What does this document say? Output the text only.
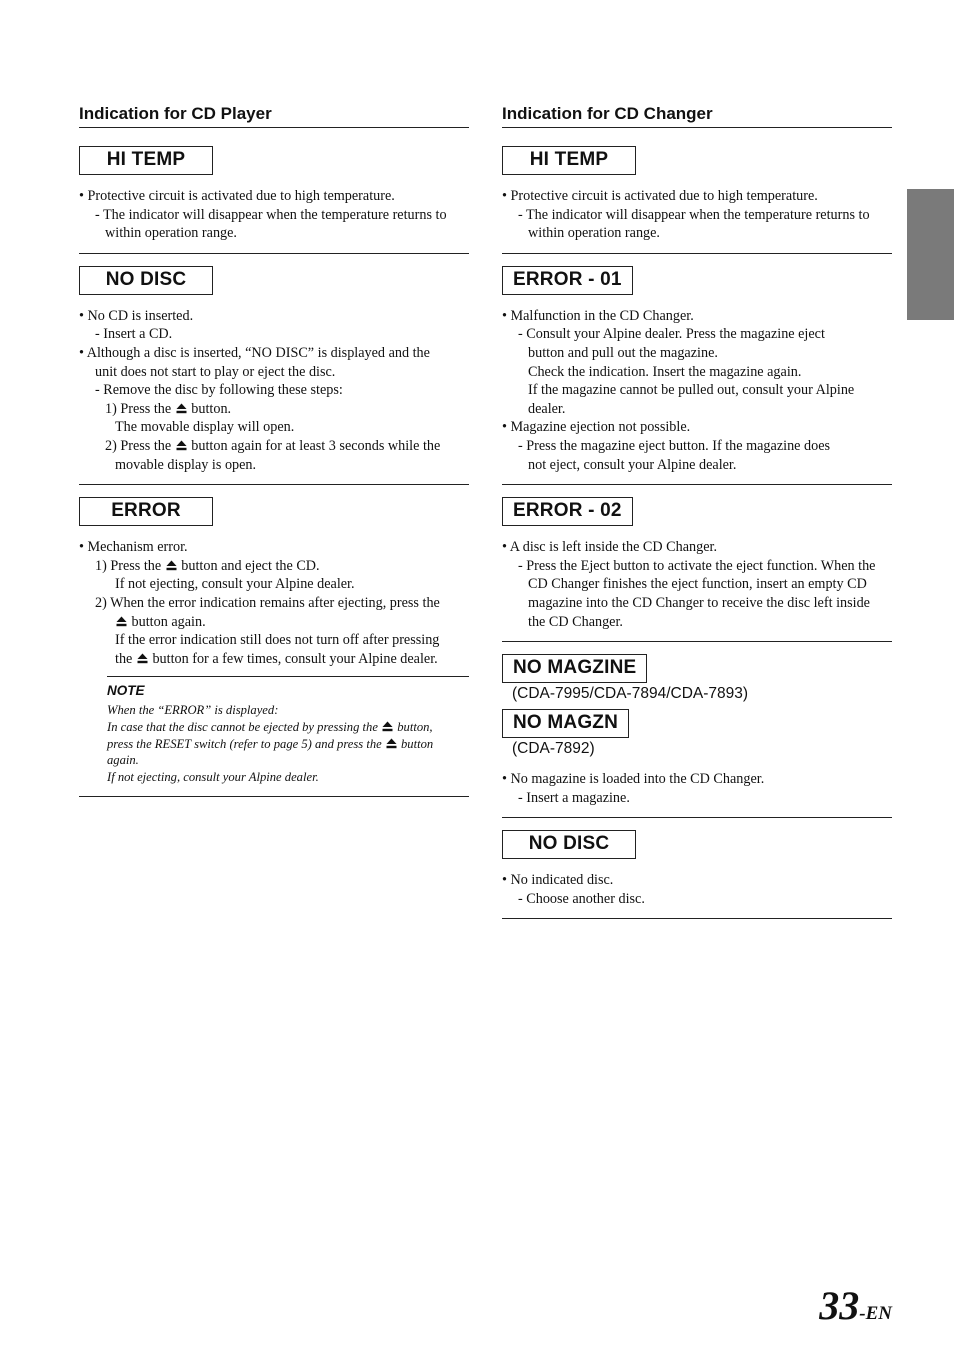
Indication for CD Player
HI TEMP
• Protective circuit is activated due to high temperature.
- The indicator will disappear when the temperature returns to
within operation range.
NO DISC
• No CD is inserted.
- Insert a CD.
• Although a disc is inserted, “NO DISC” is displayed and the
unit does not start to play or eject the disc.
- Remove the disc by following these steps:
1) Press the  button.
The movable display will open.
2) Press the  button again for at least 3 seconds while the
movable display is open.
ERROR
• Mechanism error.
1) Press the  button and eject the CD.
If not ejecting, consult your Alpine dealer.
2) When the error indication remains after ejecting, press the
button again.
If the error indication still does not turn off after pressing
the  button for a few times, consult your Alpine dealer.
NOTE
When the “ERROR” is displayed:
In case that the disc cannot be ejected by pressing the  button,
press the RESET switch (refer to page 5) and press the  button
again.
If not ejecting, consult your Alpine dealer.
Indication for CD Changer
HI TEMP
• Protective circuit is activated due to high temperature.
- The indicator will disappear when the temperature returns to
within operation range.
ERROR - 01
• Malfunction in the CD Changer.
- Consult your Alpine dealer. Press the magazine eject
button and pull out the magazine.
Check the indication. Insert the magazine again.
If the magazine cannot be pulled out, consult your Alpine
dealer.
• Magazine ejection not possible.
- Press the magazine eject button. If the magazine does
not eject, consult your Alpine dealer.
ERROR - 02
• A disc is left inside the CD Changer.
- Press the Eject button to activate the eject function. When the
CD Changer finishes the eject function, insert an empty CD
magazine into the CD Changer to receive the disc left inside
the CD Changer.
NO MAGZINE
(CDA-7995/CDA-7894/CDA-7893)
NO MAGZN
(CDA-7892)
• No magazine is loaded into the CD Changer.
- Insert a magazine.
NO DISC
• No indicated disc.
- Choose another disc.
33-EN
